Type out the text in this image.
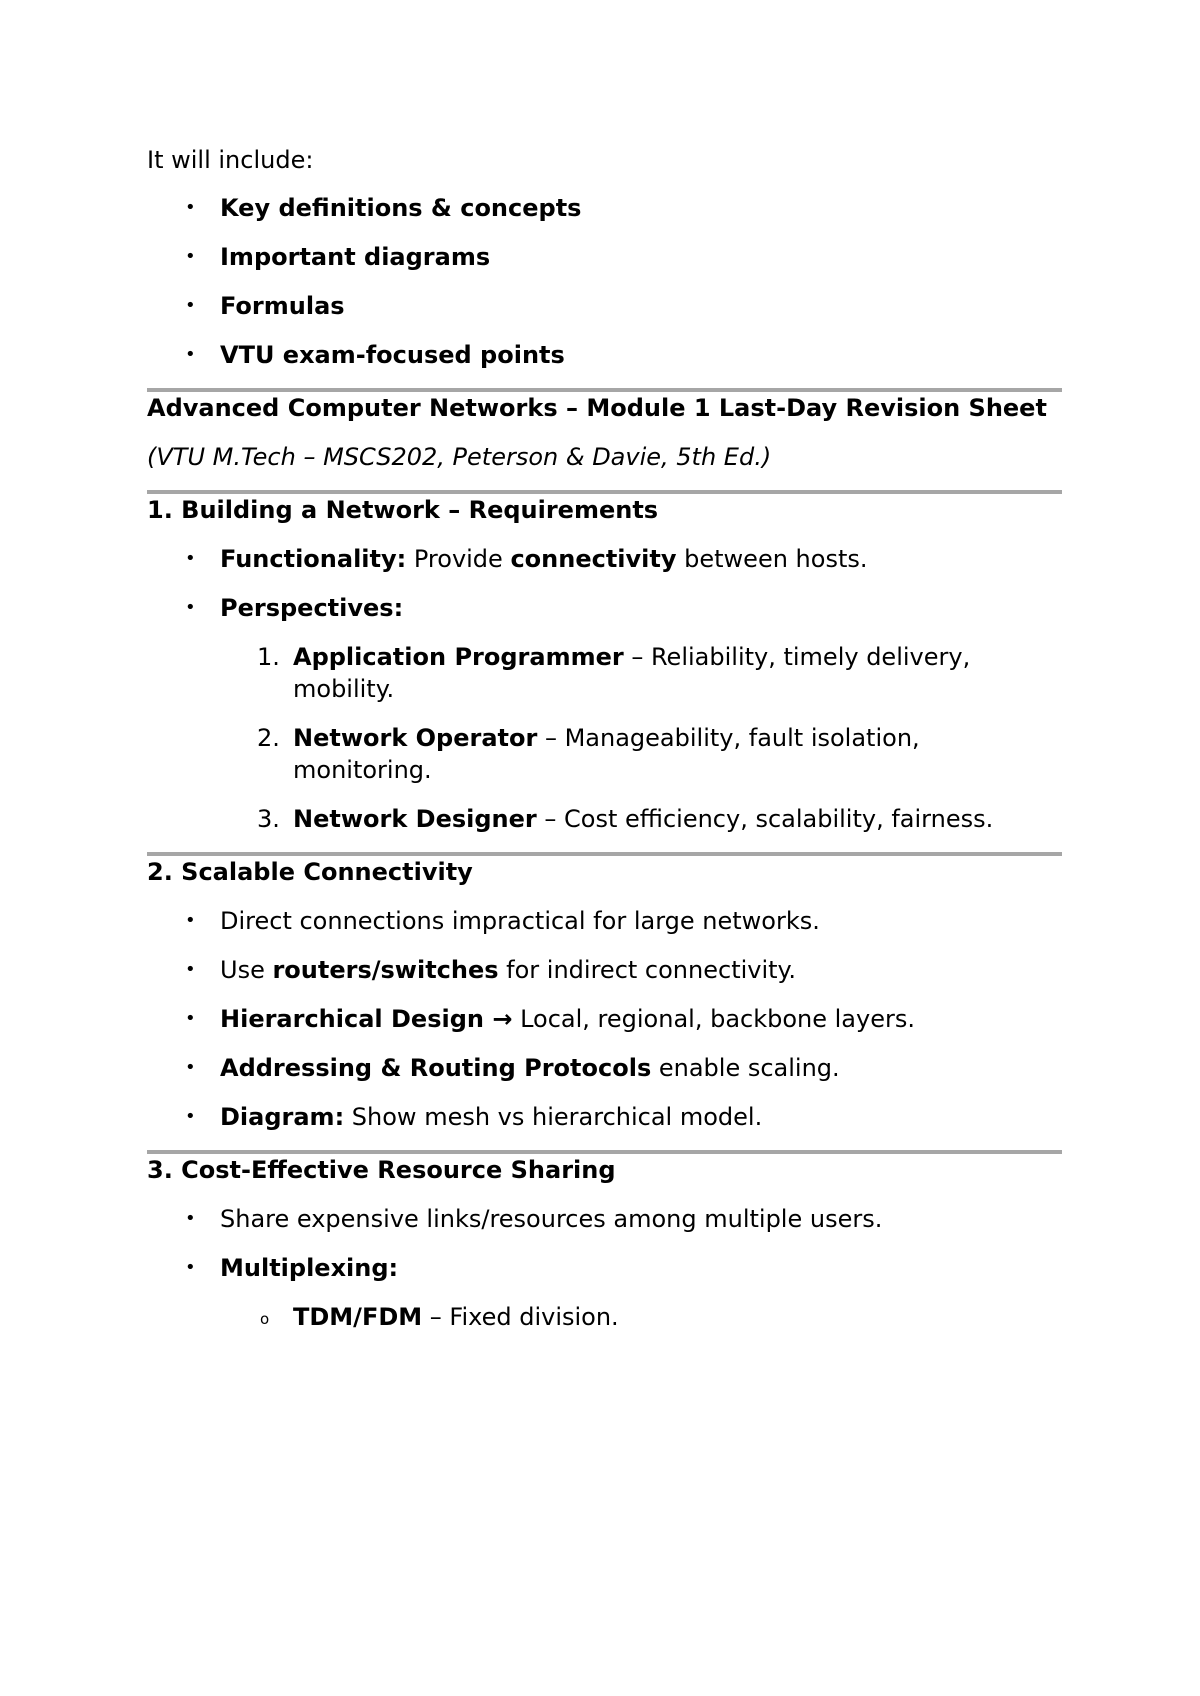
It will include:

• Key definitions & concepts
• Important diagrams
• Formulas
• VTU exam-focused points

Advanced Computer Networks – Module 1 Last-Day Revision Sheet

(VTU M.Tech – MSCS202, Peterson & Davie, 5th Ed.)

1. Building a Network – Requirements

• Functionality: Provide connectivity between hosts.
• Perspectives:
1. Application Programmer – Reliability, timely delivery, mobility.
2. Network Operator – Manageability, fault isolation, monitoring.
3. Network Designer – Cost efficiency, scalability, fairness.

2. Scalable Connectivity

• Direct connections impractical for large networks.
• Use routers/switches for indirect connectivity.
• Hierarchical Design → Local, regional, backbone layers.
• Addressing & Routing Protocols enable scaling.
• Diagram: Show mesh vs hierarchical model.

3. Cost-Effective Resource Sharing

• Share expensive links/resources among multiple users.
• Multiplexing:
o TDM/FDM – Fixed division.
